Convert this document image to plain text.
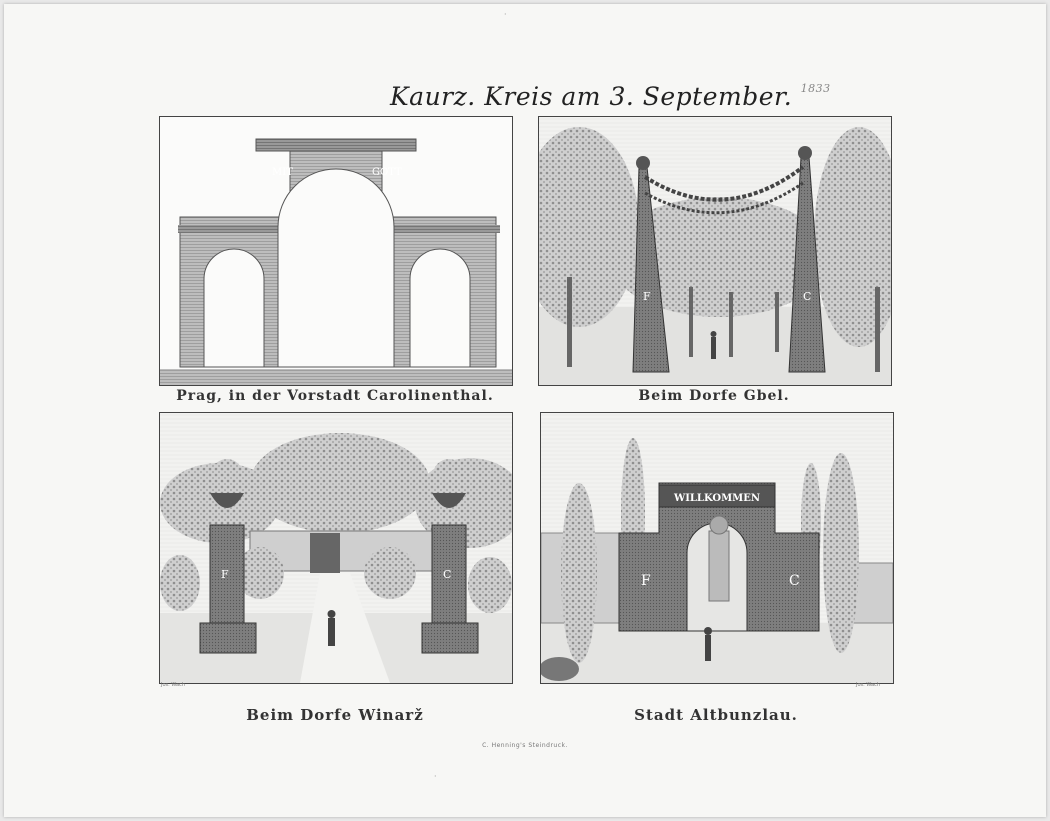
Kaurz. Kreis am 3. September. $^{1833}$
MIT	GOTT
Prag, in der Vorstadt Carolinenthal.
F	C
Beim Dorfe Gbel.
F	C
Jos. Wach
Beim Dorfe Winarž
WILLKOMMEN
F	C
Jos. Wach
Stadt Altbunzlau.
C. Henning's Steindruck.
·
·
